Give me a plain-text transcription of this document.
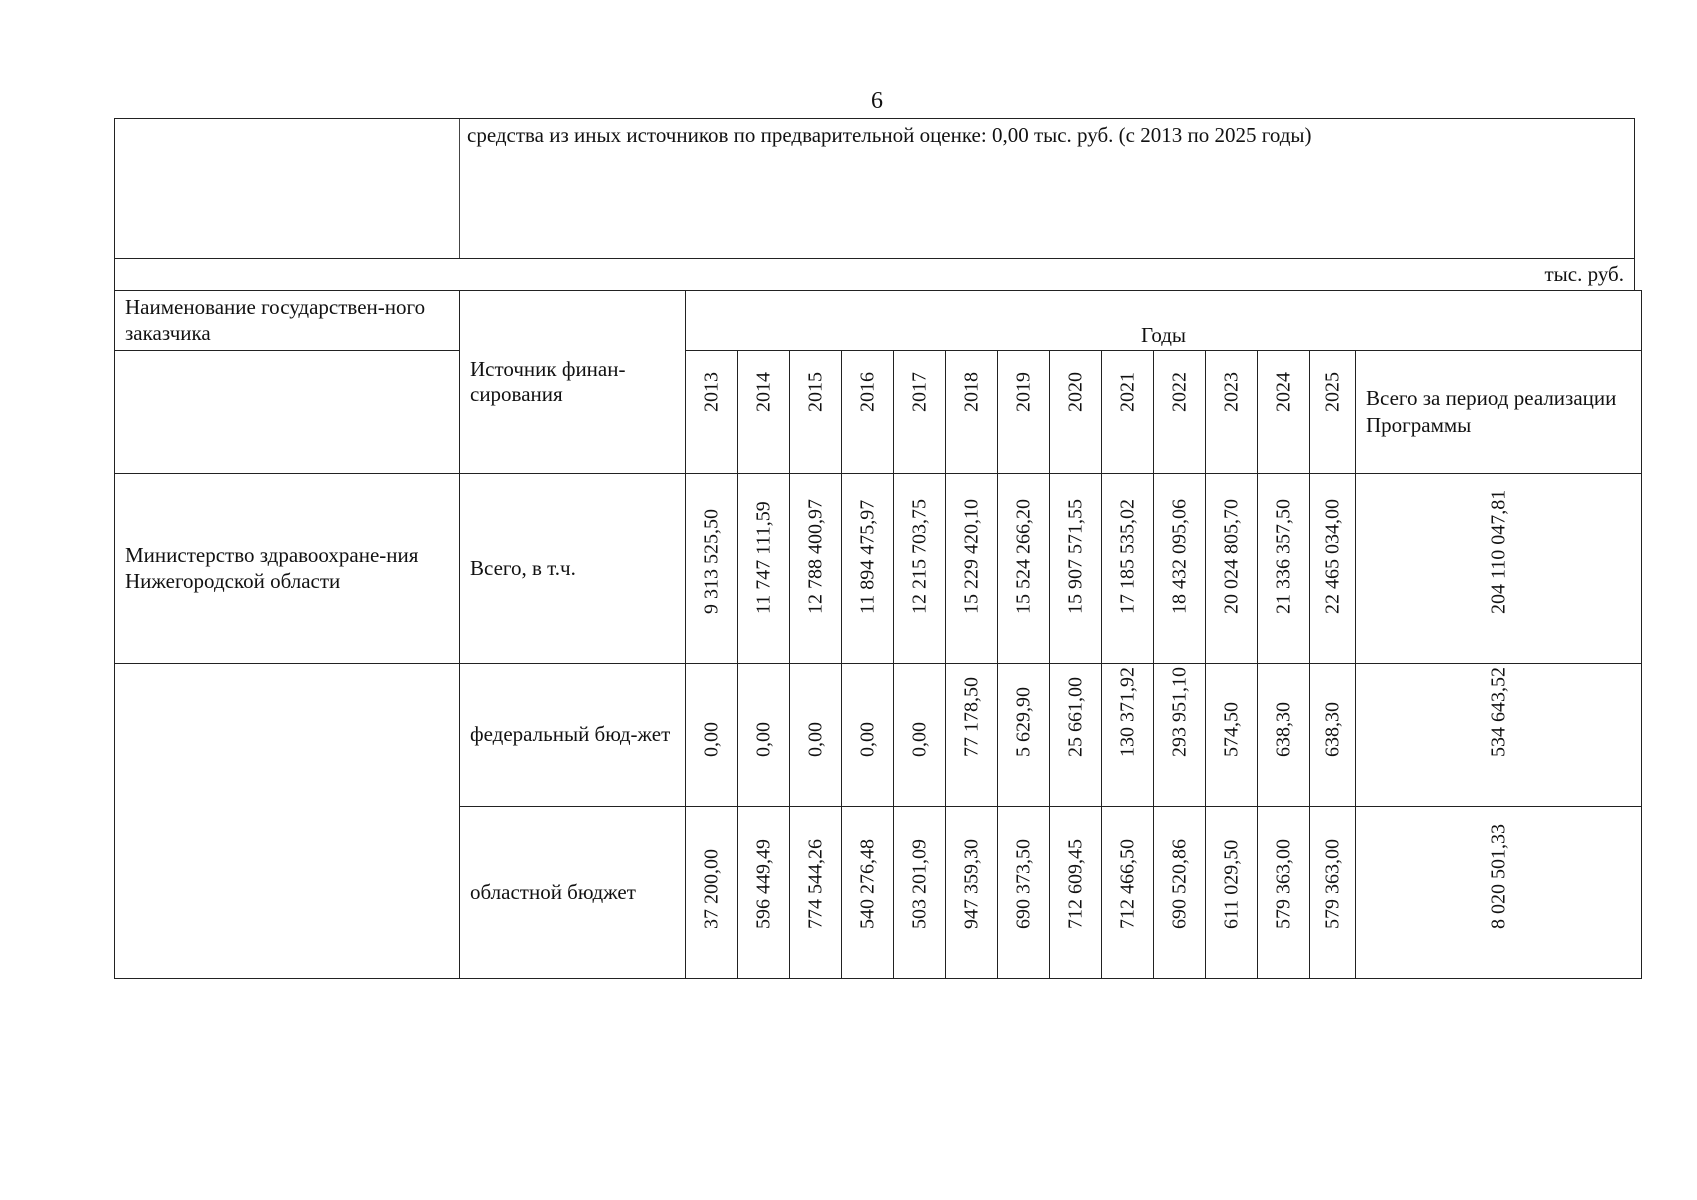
6
средства из иных источников по предварительной оценке: 0,00 тыс. руб. (с 2013 по 2025 годы)
тыс. руб.
Наименование государствен-ного заказчика	Источник финан-сирования	Годы													

		2013	2014	2015	2016	2017	2018	2019	2020	2021	2022	2023	2024	2025	Всего за период реализации Программы
Министерство здравоохране-ния Нижегородской области	Всего, в т.ч.	9 313 525,50	11 747 111,59	12 788 400,97	11 894 475,97	12 215 703,75	15 229 420,10	15 524 266,20	15 907 571,55	17 185 535,02	18 432 095,06	20 024 805,70	21 336 357,50	22 465 034,00	204 110 047,81

	федеральный бюд-жет	0,00	0,00	0,00	0,00	0,00	77 178,50	5 629,90	25 661,00	130 371,92	293 951,10	574,50	638,30	638,30	534 643,52

	областной бюджет	37 200,00	596 449,49	774 544,26	540 276,48	503 201,09	947 359,30	690 373,50	712 609,45	712 466,50	690 520,86	611 029,50	579 363,00	579 363,00	8 020 501,33
